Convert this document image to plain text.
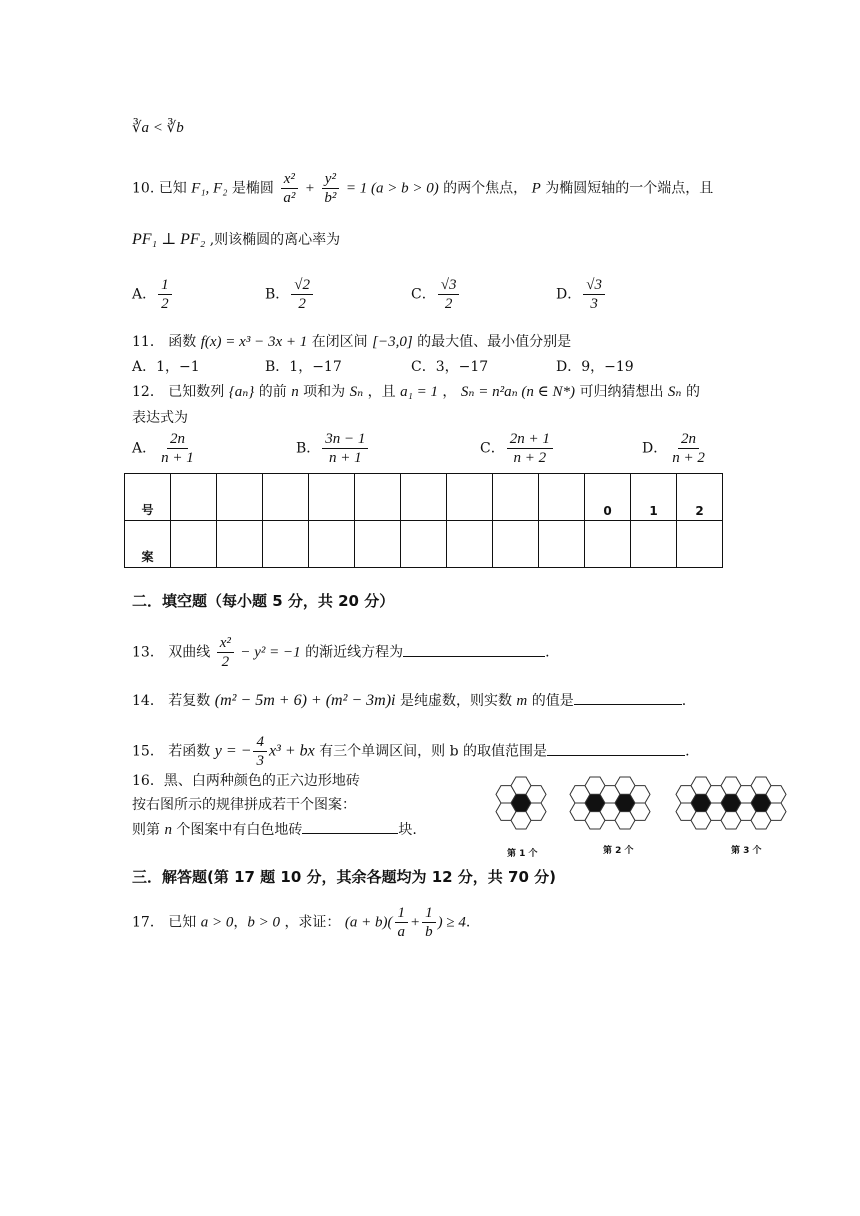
∛a < ∛b
10. 已知 F₁, F₂ 是椭圆 $\frac{\text{x²}}{\text{a²}} + \frac{\text{y²}}{\text{b²}} = 1$ (a > b > 0) 的两个焦点， P 为椭圆短轴的一个端点，且
PF₁ ⊥ PF₂ ,则该椭圆的离心率为
A． $\frac{1}{2}$	B． $\frac{√2}{2}$	C． $\frac{√3}{2}$	D． $\frac{√3}{3}$
11． 函数 f(x) = x³ − 3x + 1 在闭区间 [−3,0] 的最大值、最小值分别是
A．1，−1	B．1，−17	C．3，−17	D．9，−19
12． 已知数列 {aₙ} 的前 n 项和为 Sₙ ，且 a₁ = 1 ， Sₙ = n²aₙ (n ∈ N*) 可归纳猜想出 Sₙ 的
表达式为
A． $\frac{2n}{n + 1}$	B． $\frac{3n - 1}{n + 1}$	C． $\frac{2n + 1}{n + 2}$	D． $\frac{2n}{n + 2}$
号										0	1	2
案												
二．填空题（每小题 5 分，共 20 分）
13． 双曲线 $\frac{\text{x²}}{2} - y^2 = -1$ 的渐近线方程为	.
14． 若复数 (m² − 5m + 6) + (m² − 3m)i 是纯虚数，则实数 m 的值是	.
15． 若函数 y = − $\frac{4}{3} x^3$ + bx 有三个单调区间，则 b 的取值范围是	.
16．黑、白两种颜色的正六边形地砖
按右图所示的规律拼成若干个图案：
则第 n 个图案中有白色地砖	块.
第 1 个	第 2 个	第 3 个
三．解答题(第 17 题 10 分，其余各题均为 12 分，共 70 分)
17． 已知 a > 0，b > 0 ，求证： $(a + b)( \frac{1}{a} + \frac{1}{b}$ ) ≥ 4.
